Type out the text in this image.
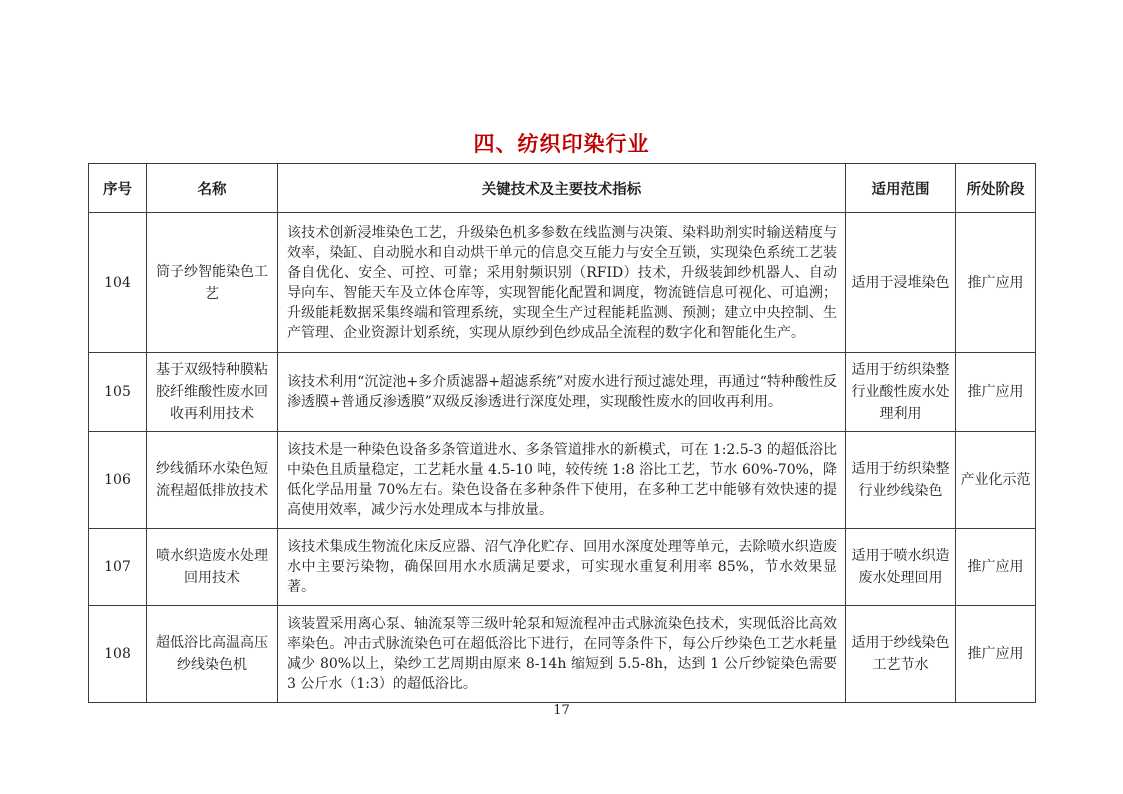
四、纺织印染行业
序号	名称	关键技术及主要技术指标	适用范围	所处阶段
104	筒子纱智能染色工艺	该技术创新浸堆染色工艺，升级染色机多参数在线监测与决策、染料助剂实时输送精度与效率，染缸、自动脱水和自动烘干单元的信息交互能力与安全互锁，实现染色系统工艺装备自优化、安全、可控、可靠；采用射频识别（RFID）技术，升级装卸纱机器人、自动导向车、智能天车及立体仓库等，实现智能化配置和调度，物流链信息可视化、可追溯；升级能耗数据采集终端和管理系统，实现全生产过程能耗监测、预测；建立中央控制、生产管理、企业资源计划系统，实现从原纱到色纱成品全流程的数字化和智能化生产。	适用于浸堆染色	推广应用
105	基于双级特种膜粘胶纤维酸性废水回收再利用技术	该技术利用“沉淀池+多介质滤器+超滤系统”对废水进行预过滤处理，再通过“特种酸性反渗透膜+普通反渗透膜”双级反渗透进行深度处理，实现酸性废水的回收再利用。	适用于纺织染整行业酸性废水处理利用	推广应用
106	纱线循环水染色短流程超低排放技术	该技术是一种染色设备多条管道进水、多条管道排水的新模式，可在 1:2.5-3 的超低浴比中染色且质量稳定，工艺耗水量 4.5-10 吨，较传统 1:8 浴比工艺，节水 60%-70%，降低化学品用量 70%左右。染色设备在多种条件下使用，在多种工艺中能够有效快速的提高使用效率，减少污水处理成本与排放量。	适用于纺织染整行业纱线染色	产业化示范
107	喷水织造废水处理回用技术	该技术集成生物流化床反应器、沼气净化贮存、回用水深度处理等单元，去除喷水织造废水中主要污染物，确保回用水水质满足要求，可实现水重复利用率 85%，节水效果显著。	适用于喷水织造废水处理回用	推广应用
108	超低浴比高温高压纱线染色机	该装置采用离心泵、轴流泵等三级叶轮泵和短流程冲击式脉流染色技术，实现低浴比高效率染色。冲击式脉流染色可在超低浴比下进行，在同等条件下，每公斤纱染色工艺水耗量减少 80%以上，染纱工艺周期由原来 8-14h 缩短到 5.5-8h，达到 1 公斤纱锭染色需要 3 公斤水（1:3）的超低浴比。	适用于纱线染色工艺节水	推广应用
17
